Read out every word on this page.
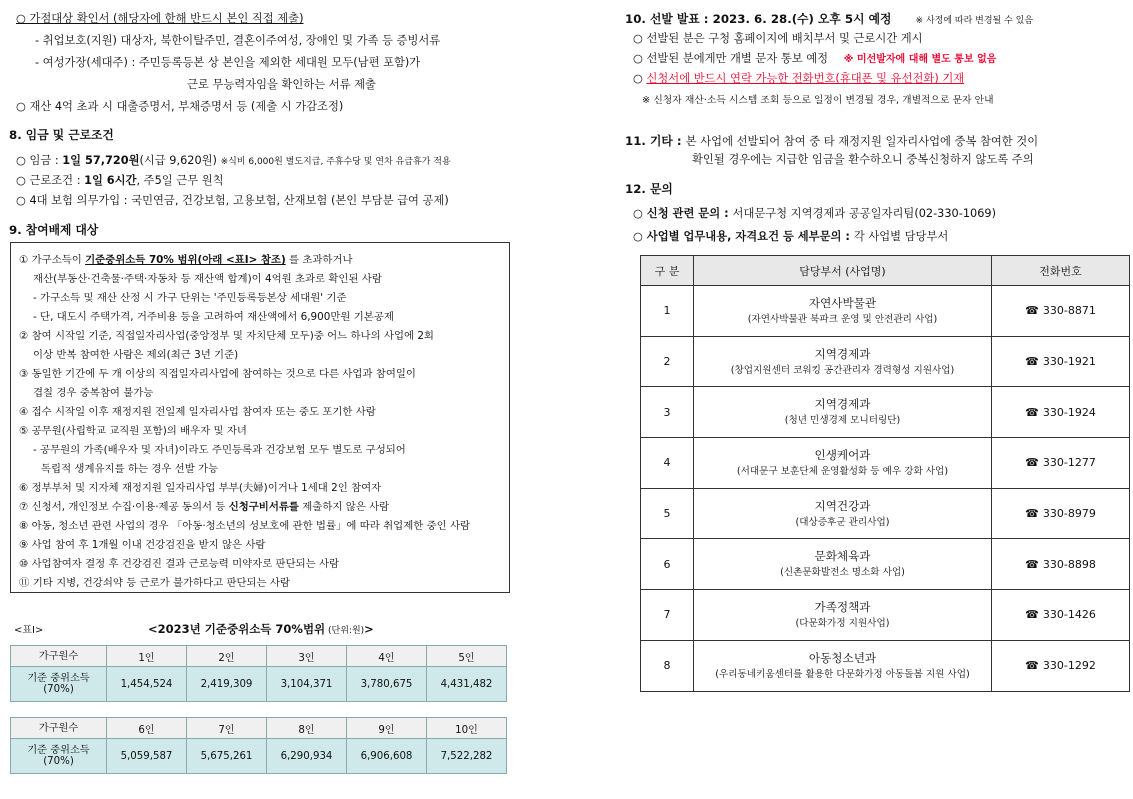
○ 가점대상 확인서 (해당자에 한해 반드시 본인 직접 제출)
- 취업보호(지원) 대상자, 북한이탈주민, 결혼이주여성, 장애인 및 가족 등 증빙서류
- 여성가장(세대주) : 주민등록등본 상 본인을 제외한 세대원 모두(남편 포함)가
근로 무능력자임을 확인하는 서류 제출
○ 재산 4억 초과 시 대출증명서, 부채증명서 등 (제출 시 가감조정)
8. 임금 및 근로조건
○ 임금 : 1일 57,720원(시급 9,620원) ※식비 6,000원 별도지급, 주휴수당 및 연차 유급휴가 적용
○ 근로조건 : 1일 6시간, 주5일 근무 원칙
○ 4대 보험 의무가입 : 국민연금, 건강보험, 고용보험, 산재보험 (본인 부담분 급여 공제)
9. 참여배제 대상
① 가구소득이 기준중위소득 70% 범위(아래 <표Ⅰ> 참조) 를 초과하거나
재산(부동산·건축물·주택·자동차 등 재산액 합계)이 4억원 초과로 확인된 사람
- 가구소득 및 재산 산정 시 가구 단위는 '주민등록등본상 세대원' 기준
- 단, 대도시 주택가격, 거주비용 등을 고려하여 재산액에서 6,900만원 기본공제
② 참여 시작일 기준, 직접일자리사업(중앙정부 및 자치단체 모두)중 어느 하나의 사업에 2회
이상 반복 참여한 사람은 제외(최근 3년 기준)
③ 동일한 기간에 두 개 이상의 직접일자리사업에 참여하는 것으로 다른 사업과 참여일이
겹칠 경우 중복참여 불가능
④ 접수 시작일 이후 재정지원 전일제 일자리사업 참여자 또는 중도 포기한 사람
⑤ 공무원(사립학교 교직원 포함)의 배우자 및 자녀
- 공무원의 가족(배우자 및 자녀)이라도 주민등록과 건강보험 모두 별도로 구성되어
독립적 생계유지를 하는 경우 선발 가능
⑥ 정부부처 및 지자체 재정지원 일자리사업 부부(夫婦)이거나 1세대 2인 참여자
⑦ 신청서, 개인정보 수집·이용·제공 동의서 등 신청구비서류를 제출하지 않은 사람
⑧ 아동, 청소년 관련 사업의 경우 「아동·청소년의 성보호에 관한 법률」에 따라 취업제한 중인 사람
⑨ 사업 참여 후 1개월 이내 건강검진을 받지 않은 사람
⑩ 사업참여자 결정 후 건강검진 결과 근로능력 미약자로 판단되는 사람
⑪ 기타 지병, 건강쇠약 등 근로가 불가하다고 판단되는 사람
<표Ⅰ>	<2023년 기준중위소득 70%범위 (단위:원)>
가구원수	1인	2인	3인	4인	5인
기준 중위소득
(70%)	1,454,524	2,419,309	3,104,371	3,780,675	4,431,482
가구원수	6인	7인	8인	9인	10인
기준 중위소득
(70%)	5,059,587	5,675,261	6,290,934	6,906,608	7,522,282
10. 선발 발표 : 2023. 6. 28.(수) 오후 5시 예정	※ 사정에 따라 변경될 수 있음
○ 선발된 분은 구청 홈페이지에 배치부서 및 근로시간 게시
○ 선발된 분에게만 개별 문자 통보 예정 ※ 미선발자에 대해 별도 통보 없음
○ 신청서에 반드시 연락 가능한 전화번호(휴대폰 및 유선전화) 기재
※ 신청자 재산·소득 시스템 조회 등으로 일정이 변경될 경우, 개별적으로 문자 안내
11. 기타 : 본 사업에 선발되어 참여 중 타 재정지원 일자리사업에 중복 참여한 것이
확인될 경우에는 지급한 임금을 환수하오니 중복신청하지 않도록 주의
12. 문의
○ 신청 관련 문의 : 서대문구청 지역경제과 공공일자리팀(02-330-1069)
○ 사업별 업무내용, 자격요건 등 세부문의 : 각 사업별 담당부서
구 분	담당부서 (사업명)	전화번호
1	자연사박물관
(자연사박물관 북파크 운영 및 안전관리 사업)	☎ 330-8871
2	지역경제과
(창업지원센터 코워킹 공간관리자 경력형성 지원사업)	☎ 330-1921
3	지역경제과
(청년 민생경제 모니터링단)	☎ 330-1924
4	인생케어과
(서대문구 보훈단체 운영활성화 등 예우 강화 사업)	☎ 330-1277
5	지역건강과
(대상증후군 관리사업)	☎ 330-8979
6	문화체육과
(신촌문화발전소 명소화 사업)	☎ 330-8898
7	가족정책과
(다문화가정 지원사업)	☎ 330-1426
8	아동청소년과
(우리동네키움센터를 활용한 다문화가정 아동돌봄 지원 사업)	☎ 330-1292
